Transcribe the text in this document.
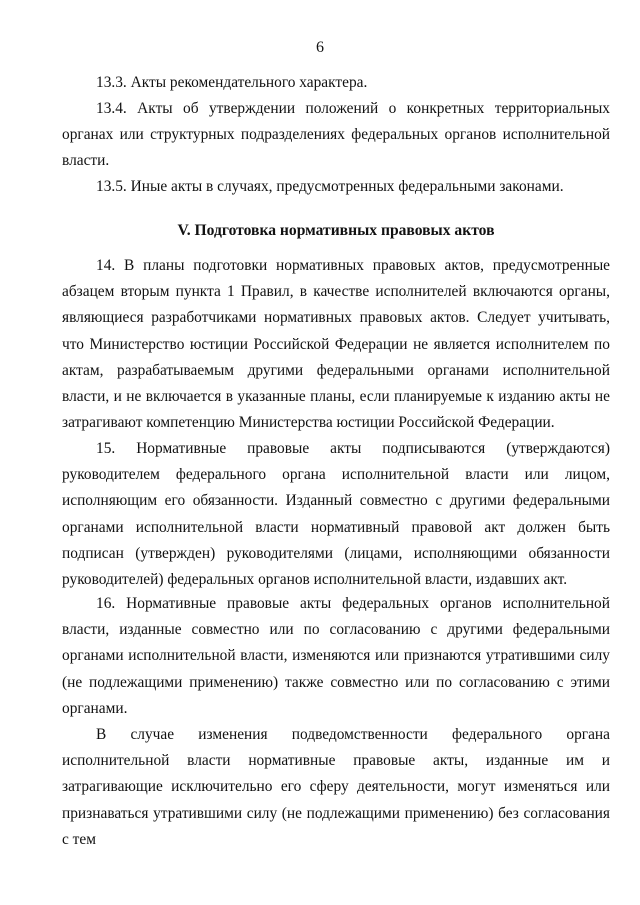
6

13.3. Акты рекомендательного характера.

13.4. Акты об утверждении положений о конкретных территориальных органах или структурных подразделениях федеральных органов исполнительной власти.

13.5. Иные акты в случаях, предусмотренных федеральными законами.

V. Подготовка нормативных правовых актов

14. В планы подготовки нормативных правовых актов, предусмотренные абзацем вторым пункта 1 Правил, в качестве исполнителей включаются органы, являющиеся разработчиками нормативных правовых актов. Следует учитывать, что Министерство юстиции Российской Федерации не является исполнителем по актам, разрабатываемым другими федеральными органами исполнительной власти, и не включается в указанные планы, если планируемые к изданию акты не затрагивают компетенцию Министерства юстиции Российской Федерации.

15. Нормативные правовые акты подписываются (утверждаются) руководителем федерального органа исполнительной власти или лицом, исполняющим его обязанности. Изданный совместно с другими федеральными органами исполнительной власти нормативный правовой акт должен быть подписан (утвержден) руководителями (лицами, исполняющими обязанности руководителей) федеральных органов исполнительной власти, издавших акт.

16. Нормативные правовые акты федеральных органов исполнительной власти, изданные совместно или по согласованию с другими федеральными органами исполнительной власти, изменяются или признаются утратившими силу (не подлежащими применению) также совместно или по согласованию с этими органами.

В случае изменения подведомственности федерального органа исполнительной власти нормативные правовые акты, изданные им и затрагивающие исключительно его сферу деятельности, могут изменяться или признаваться утратившими силу (не подлежащими применению) без согласования с тем
